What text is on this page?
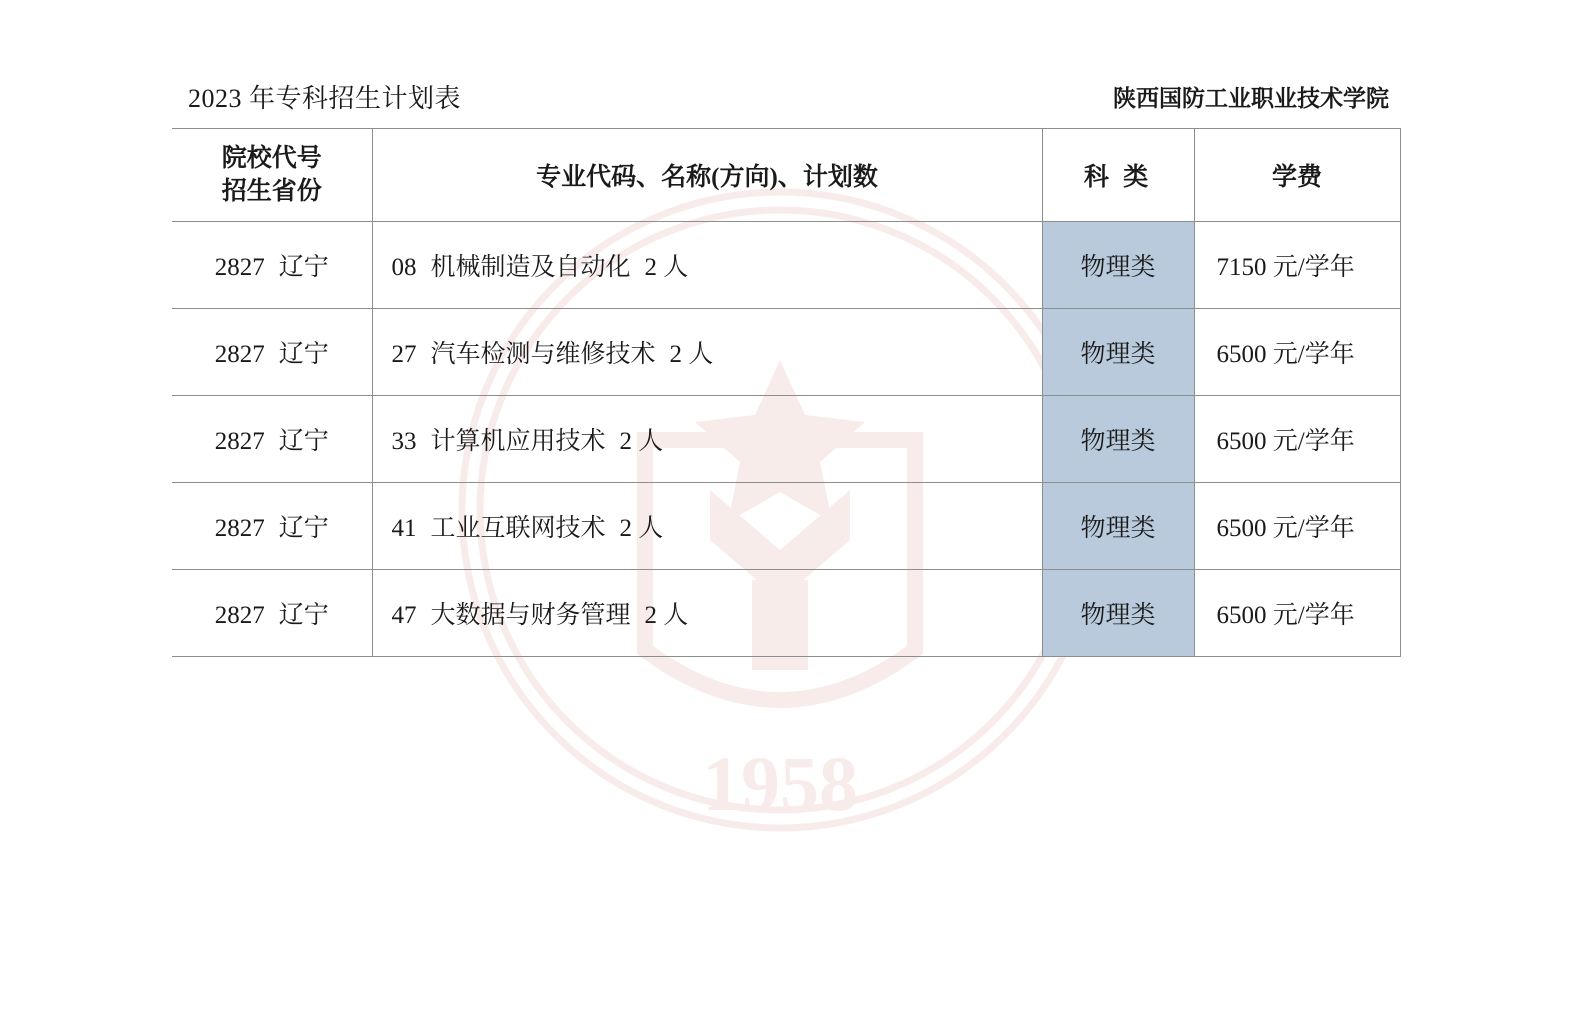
1958
2023 年专科招生计划表	陕西国防工业职业技术学院
院校代号
招生省份	专业代码、名称(方向)、计划数	科 类	学费
2827 辽宁	08 机械制造及自动化 2 人	物理类	7150 元/学年
2827 辽宁	27 汽车检测与维修技术 2 人	物理类	6500 元/学年
2827 辽宁	33 计算机应用技术 2 人	物理类	6500 元/学年
2827 辽宁	41 工业互联网技术 2 人	物理类	6500 元/学年
2827 辽宁	47 大数据与财务管理 2 人	物理类	6500 元/学年
